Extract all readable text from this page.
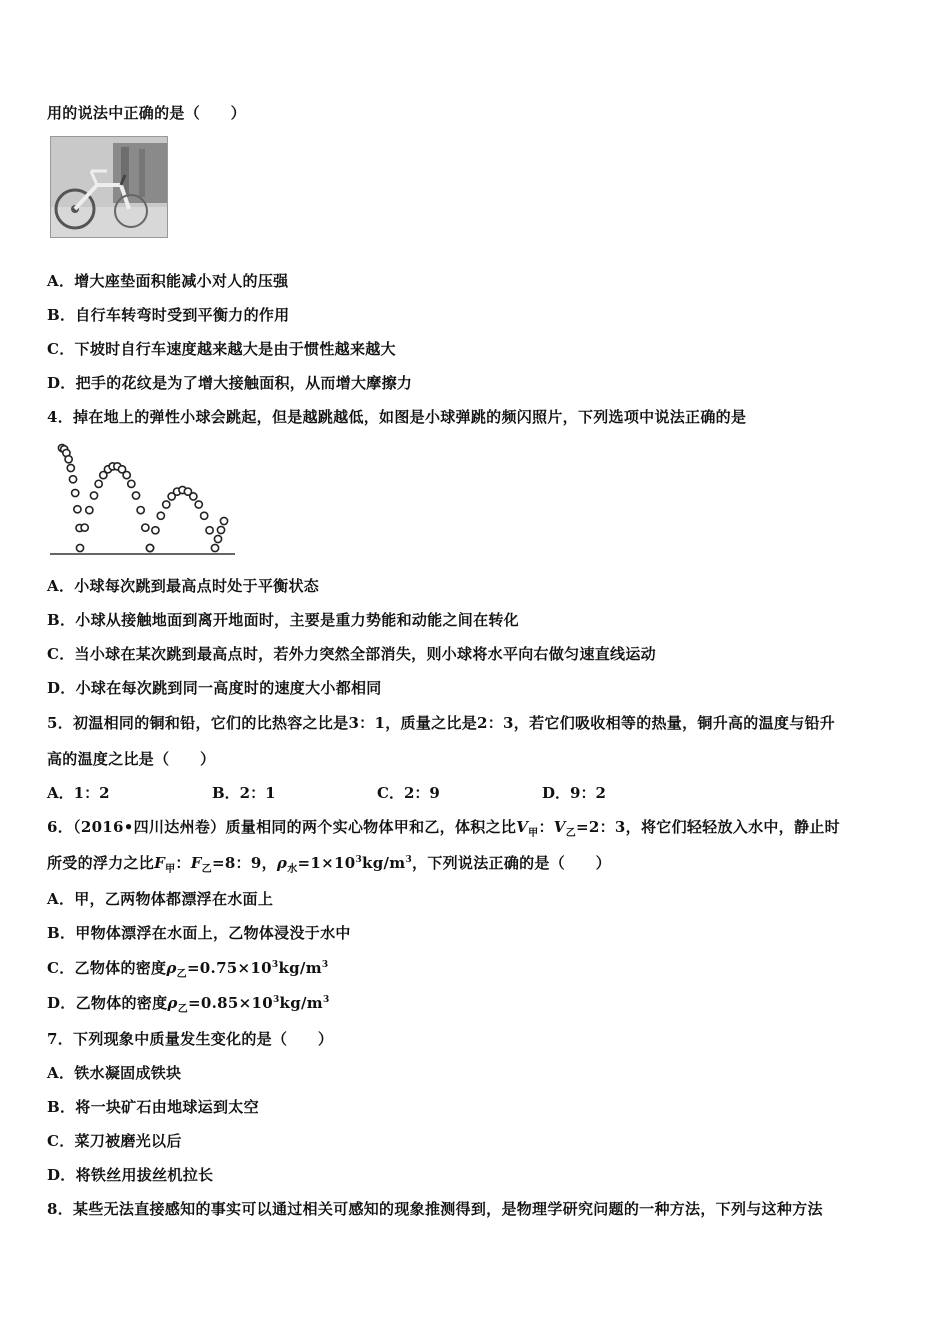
用的说法中正确的是（　　）
A．增大座垫面积能减小对人的压强
B．自行车转弯时受到平衡力的作用
C．下坡时自行车速度越来越大是由于惯性越来越大
D．把手的花纹是为了增大接触面积，从而增大摩擦力
4．掉在地上的弹性小球会跳起，但是越跳越低，如图是小球弹跳的频闪照片，下列选项中说法正确的是
A．小球每次跳到最高点时处于平衡状态
B．小球从接触地面到离开地面时，主要是重力势能和动能之间在转化
C．当小球在某次跳到最高点时，若外力突然全部消失，则小球将水平向右做匀速直线运动
D．小球在每次跳到同一高度时的速度大小都相同
5．初温相同的铜和铅，它们的比热容之比是3：1，质量之比是2：3，若它们吸收相等的热量，铜升高的温度与铅升
高的温度之比是（　　）
A．1：2	B．2：1	C．2：9	D．9：2
6．（2016•四川达州卷）质量相同的两个实心物体甲和乙，体积之比$V_甲$：$V_乙=2$：3，将它们轻轻放入水中，静止时
所受的浮力之比$F_甲$：$F_乙=8$：9，$\rho_水=1\times 10^3kg/m^3$，下列说法正确的是（　　）
A．甲，乙两物体都漂浮在水面上
B．甲物体漂浮在水面上，乙物体浸没于水中
C．乙物体的密度$\rho_乙=0.75\times 10^3kg/m^3$
D．乙物体的密度$\rho_乙=0.85\times 10^3kg/m^3$
7．下列现象中质量发生变化的是（　　）
A．铁水凝固成铁块
B．将一块矿石由地球运到太空
C．菜刀被磨光以后
D．将铁丝用拔丝机拉长
8．某些无法直接感知的事实可以通过相关可感知的现象推测得到，是物理学研究问题的一种方法，下列与这种方法
